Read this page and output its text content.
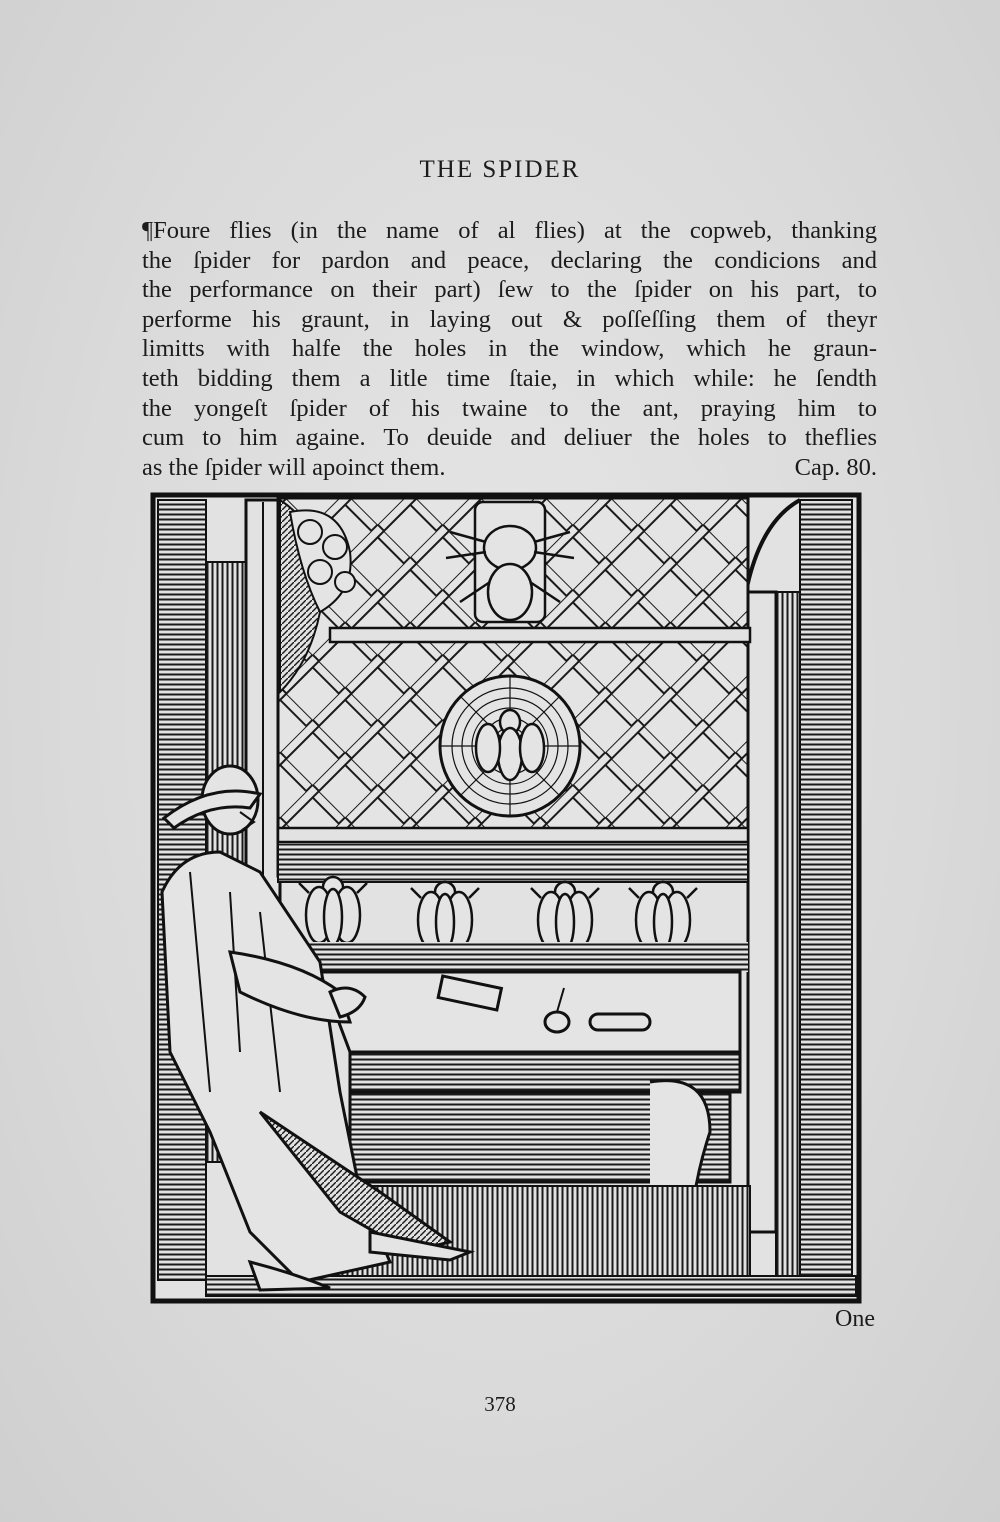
THE SPIDER
¶Foure flies (in the name of al flies) at the copweb, thanking
the ſpider for pardon and peace, declaring the condicions and
the performance on their part) ſew to the ſpider on his part, to
performe his graunt, in laying out & poſſeſſing them of theyr
limitts with halfe the holes in the window, which he graun-
teth bidding them a litle time ſtaie, in which while: he ſendth
the yongeſt ſpider of his twaine to the ant, praying him to
cum to him againe. To deuide and deliuer the holes to theflies
as the ſpider will apoinct them.	Cap. 80.
One
378
